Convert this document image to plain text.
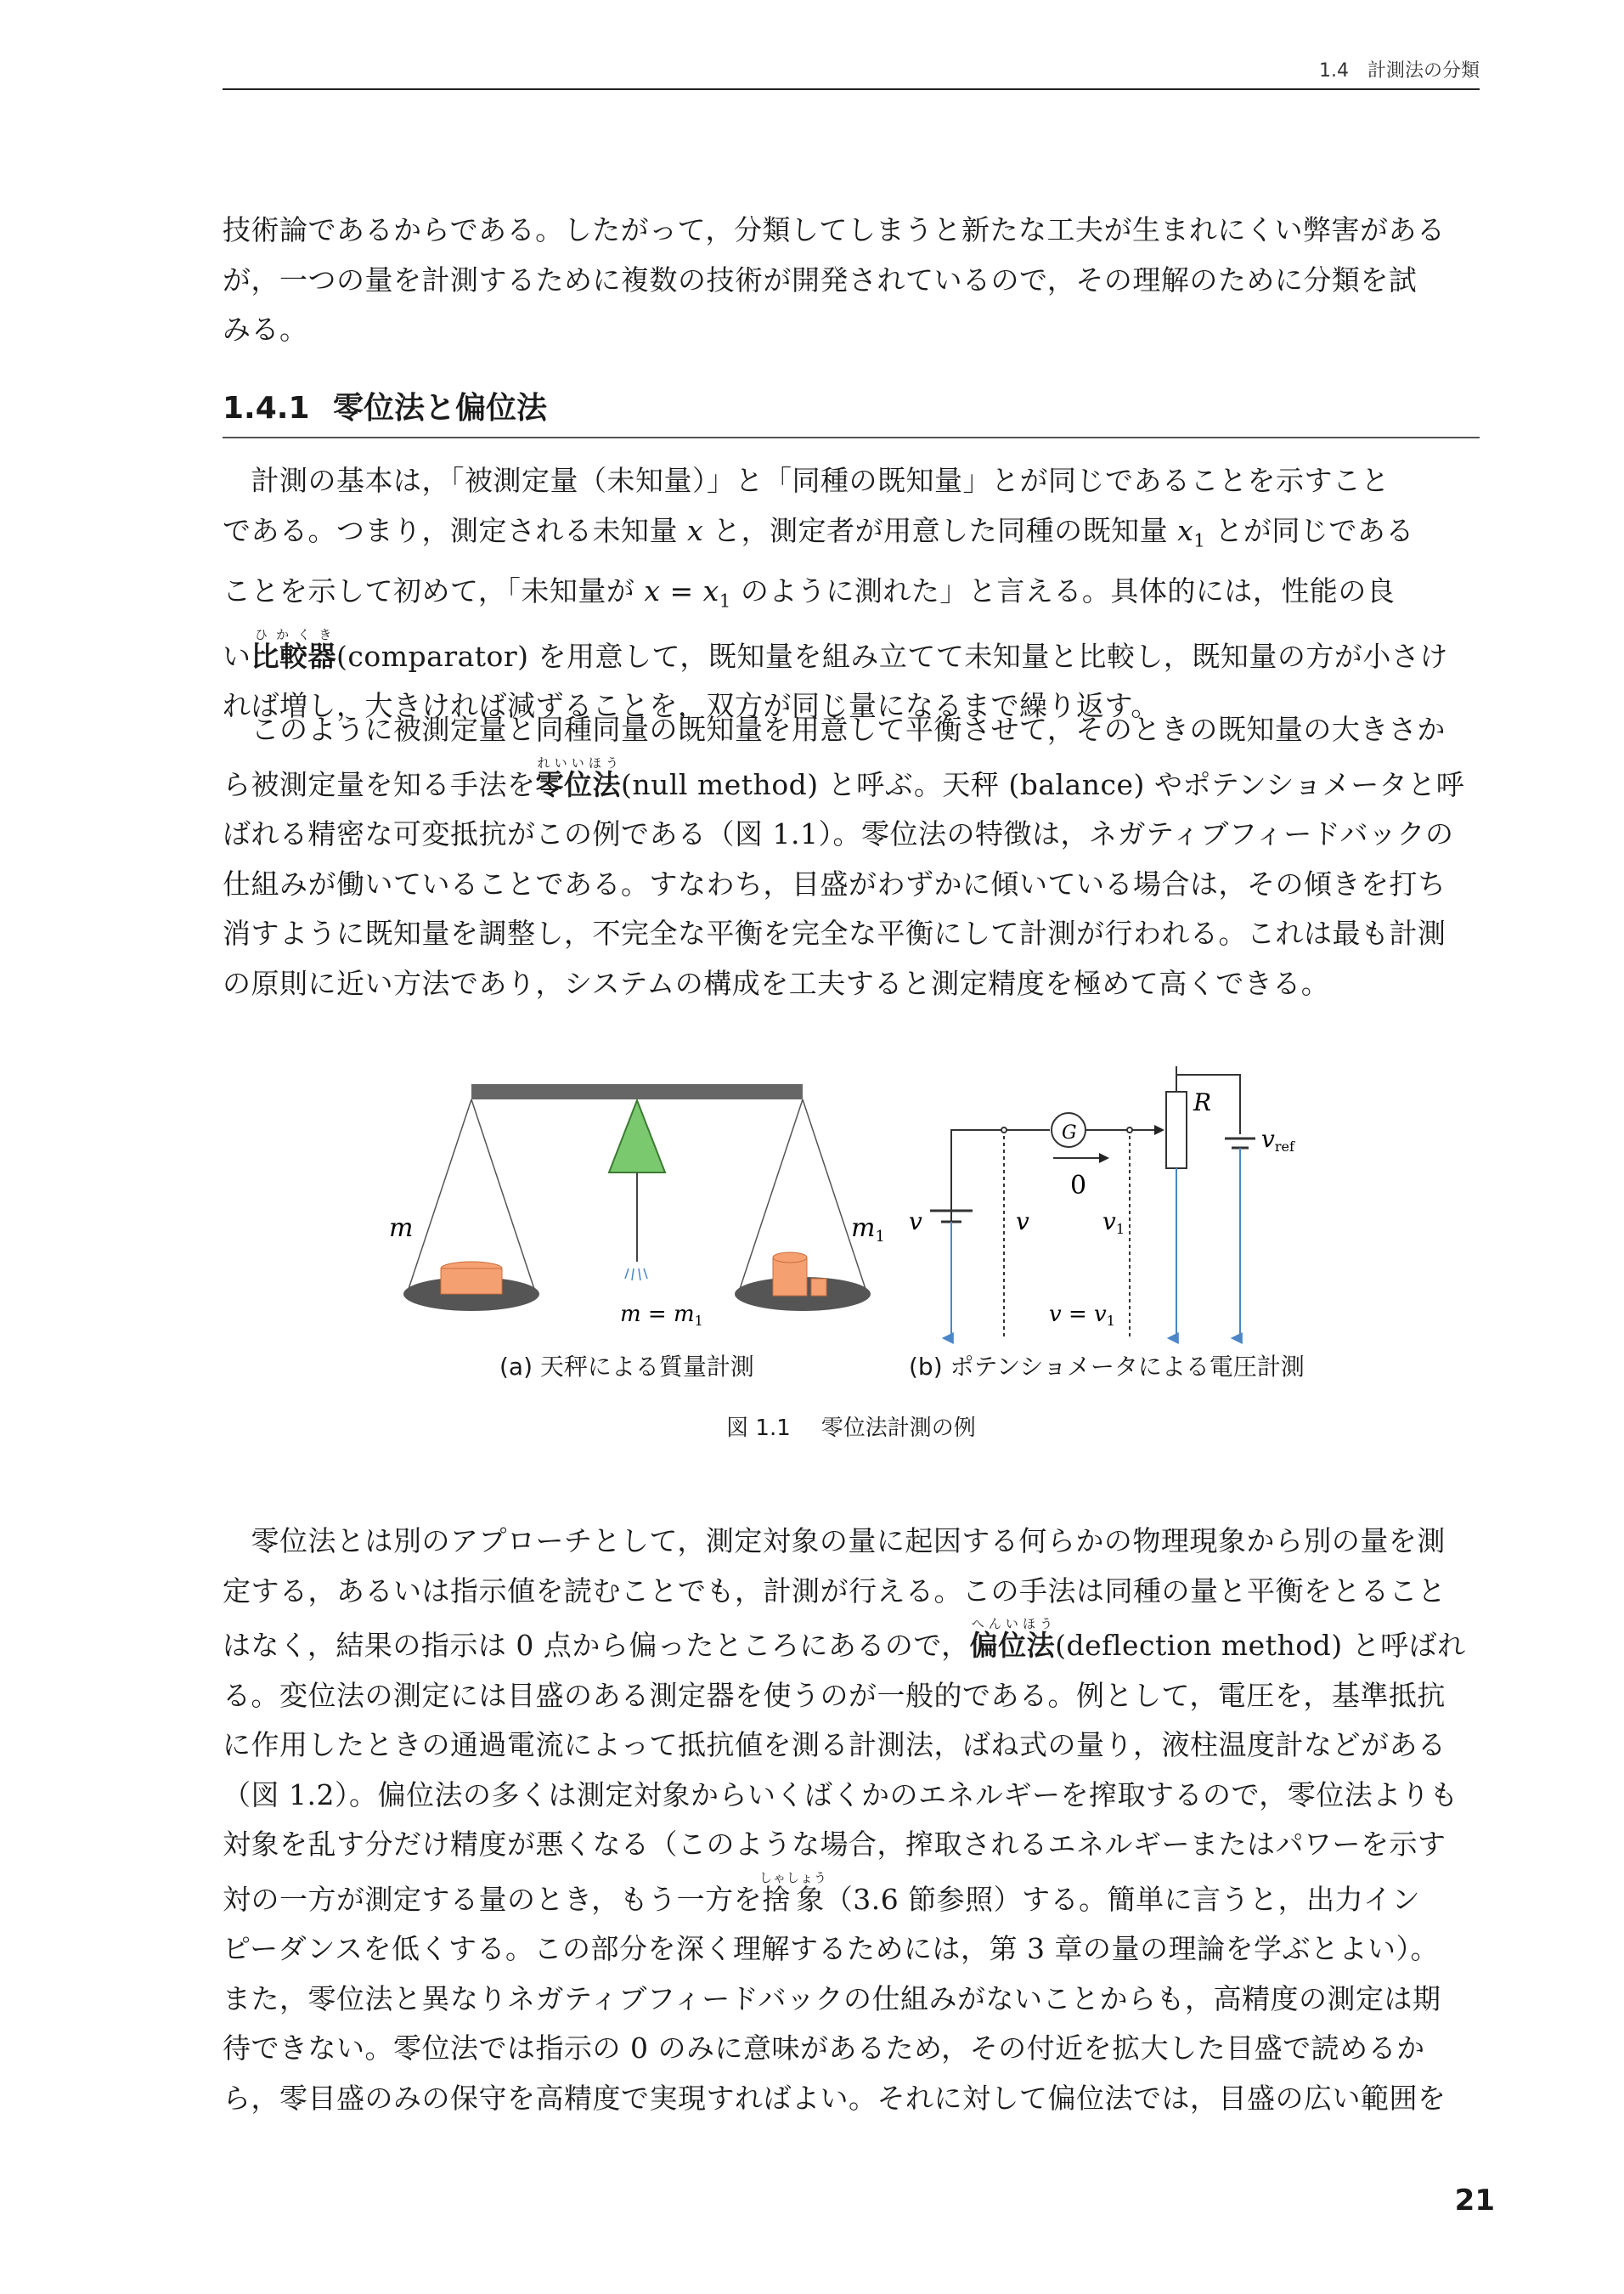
1.4　計測法の分類

技術論であるからである。したがって，分類してしまうと新たな工夫が生まれにくい弊害がある
が，一つの量を計測するために複数の技術が開発されているので，その理解のために分類を試
みる。

1.4.1 零位法と偏位法

　計測の基本は，「被測定量（未知量）」と「同種の既知量」とが同じであることを示すこと
である。つまり，測定される未知量 x と，測定者が用意した同種の既知量 $x_1$ とが同じである
ことを示して初めて，「未知量が $x = x_1$ のように測れた」と言える。具体的には，性能の良
い比較器ひかくき(comparator) を用意して，既知量を組み立てて未知量と比較し，既知量の方が小さけ
れば増し，大きければ減ずることを，双方が同じ量になるまで繰り返す。

　このように被測定量と同種同量の既知量を用意して平衡させて，そのときの既知量の大きさか
ら被測定量を知る手法を零位法れいいほう(null method) と呼ぶ。天秤 (balance) やポテンショメータと呼
ばれる精密な可変抵抗がこの例である（図 1.1）。零位法の特徴は，ネガティブフィードバックの
仕組みが働いていることである。すなわち，目盛がわずかに傾いている場合は，その傾きを打ち
消すように既知量を調整し，不完全な平衡を完全な平衡にして計測が行われる。これは最も計測
の原則に近い方法であり，システムの構成を工夫すると測定精度を極めて高くできる。

m	$m_1$
m = m1
G
0
R
vref
v	v	v1
v = v1
(a) 天秤による質量計測	(b) ポテンショメータによる電圧計測
図 1.1 零位法計測の例

　零位法とは別のアプローチとして，測定対象の量に起因する何らかの物理現象から別の量を測
定する，あるいは指示値を読むことでも，計測が行える。この手法は同種の量と平衡をとること
はなく，結果の指示は 0 点から偏ったところにあるので，偏位法へんいほう(deflection method) と呼ばれ
る。変位法の測定には目盛のある測定器を使うのが一般的である。例として，電圧を，基準抵抗
に作用したときの通過電流によって抵抗値を測る計測法，ばね式の量り，液柱温度計などがある
（図 1.2）。偏位法の多くは測定対象からいくばくかのエネルギーを搾取するので，零位法よりも
対象を乱す分だけ精度が悪くなる（このような場合，搾取されるエネルギーまたはパワーを示す
対の一方が測定する量のとき，もう一方を捨象しゃしょう（3.6 節参照）する。簡単に言うと，出力イン
ピーダンスを低くする。この部分を深く理解するためには，第 3 章の量の理論を学ぶとよい）。
また，零位法と異なりネガティブフィードバックの仕組みがないことからも，高精度の測定は期
待できない。零位法では指示の 0 のみに意味があるため，その付近を拡大した目盛で読めるか
ら，零目盛のみの保守を高精度で実現すればよい。それに対して偏位法では，目盛の広い範囲を

21
